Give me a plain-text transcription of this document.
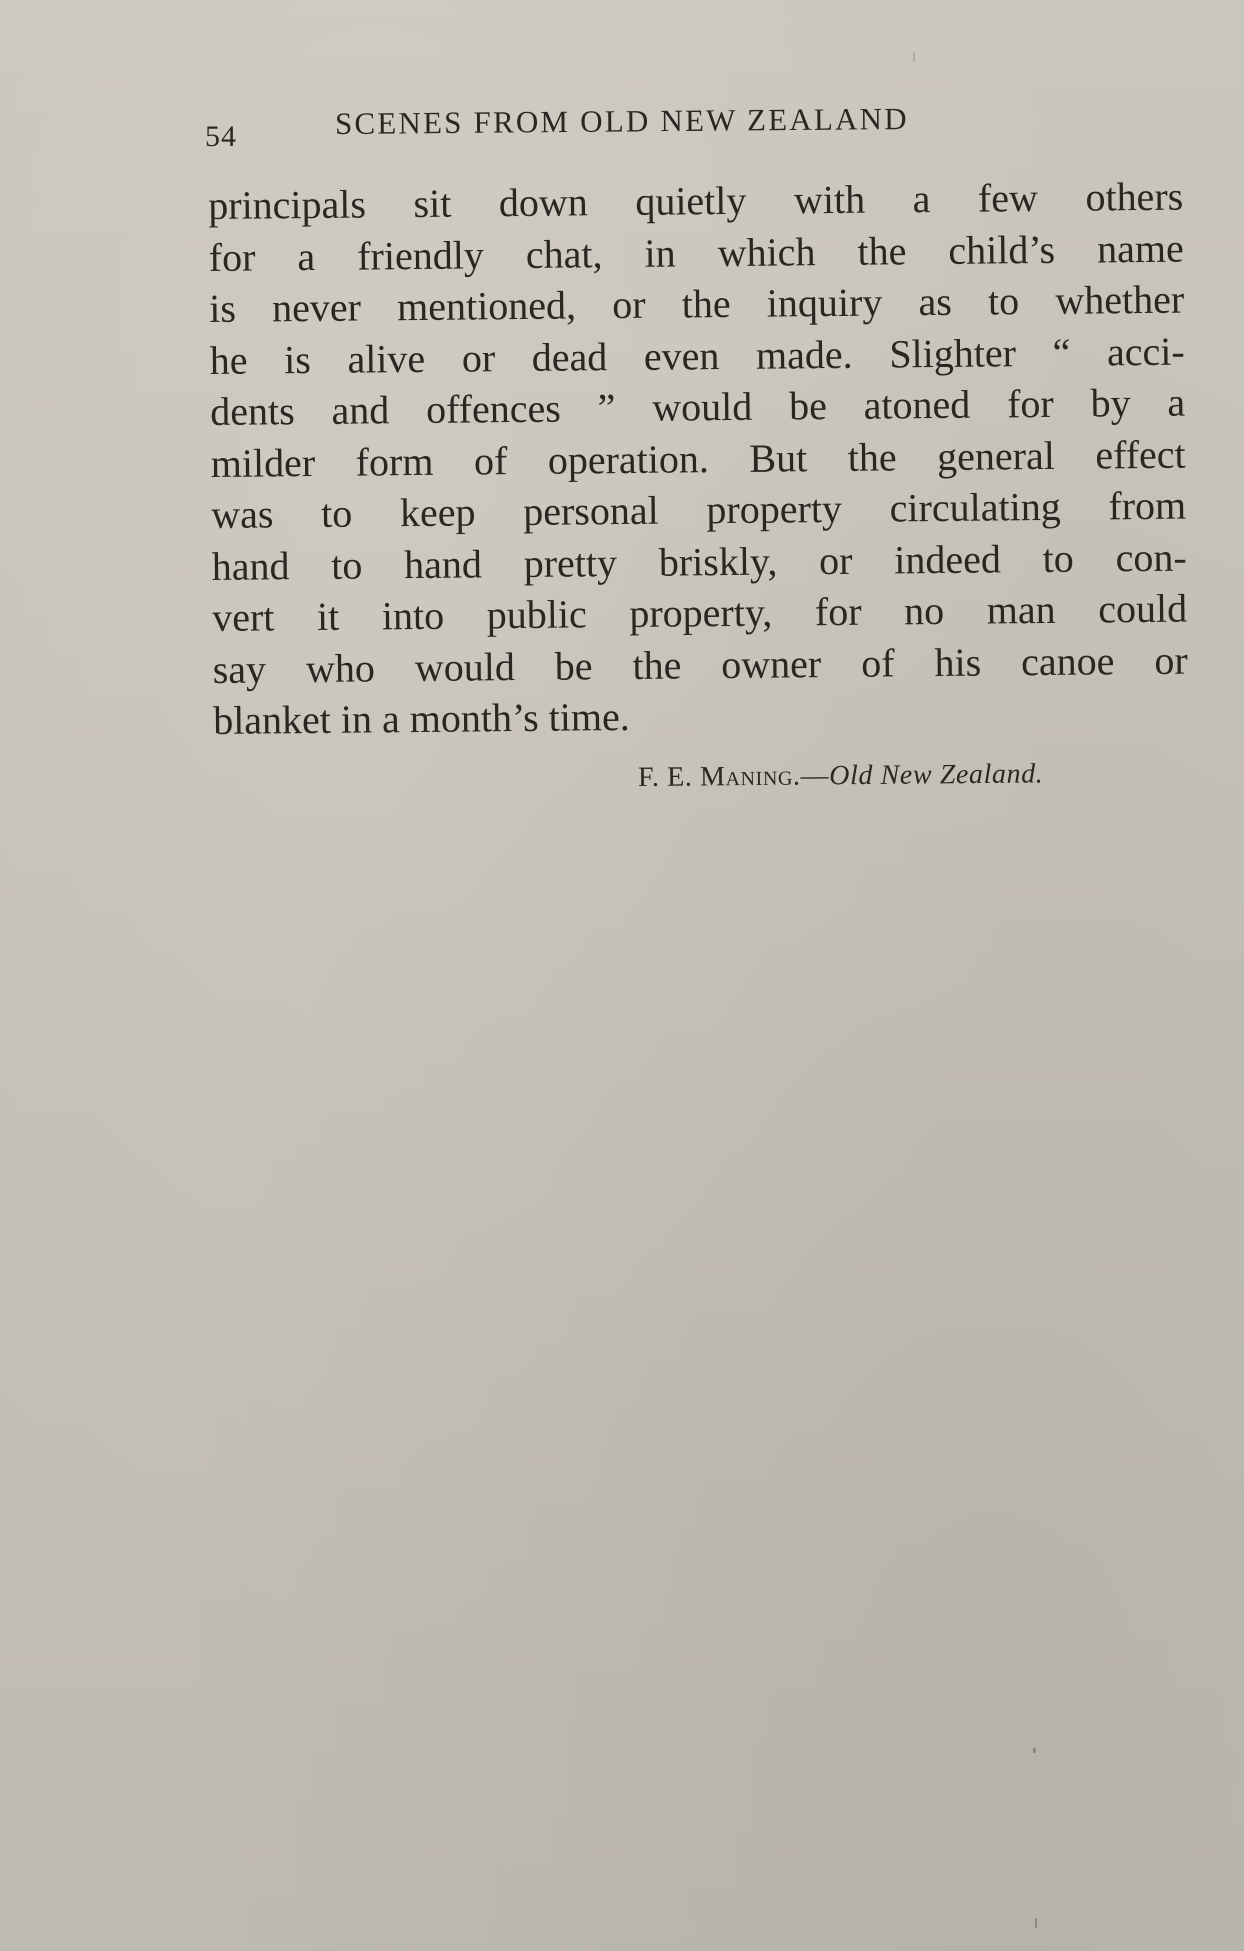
54	SCENES FROM OLD NEW ZEALAND
principals sit down quietly with a few others
for a friendly chat, in which the child’s name
is never mentioned, or the inquiry as to whether
he is alive or dead even made. Slighter “ acci-
dents and offences ” would be atoned for by a
milder form of operation. But the general effect
was to keep personal property circulating from
hand to hand pretty briskly, or indeed to con-
vert it into public property, for no man could
say who would be the owner of his canoe or
blanket in a month’s time.
F. E. Maning.—Old New Zealand.
